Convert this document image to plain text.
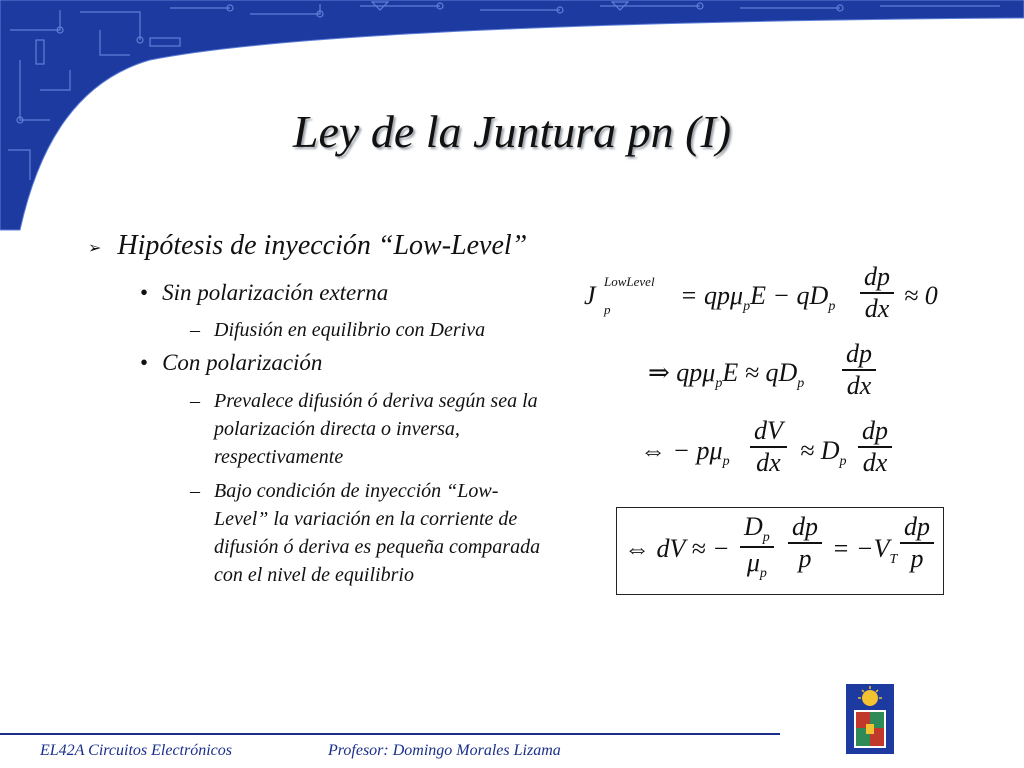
Ley de la Juntura pn (I)
➢ Hipótesis de inyección “Low-Level”
• Sin polarización externa
– Difusión en equilibrio con Deriva
• Con polarización
– Prevalece difusión ó deriva según sea la polarización directa o inversa, respectivamente
– Bajo condición de inyección “Low-Level” la variación en la corriente de difusión ó deriva es pequeña comparada con el nivel de equilibrio
J LowLevel
p	= $qp\mu_pE - qD_p \frac{dp}{dx} \approx 0$
⇒ $qp\mu_pE \approx qD_p \frac{dp}{dx}$
⇔ − $p\mu_p \frac{dV}{dx} \approx D_p \frac{dp}{dx}$
⇔ dV ≈ − $\frac{D_p}{\mu_p} \frac{dp}{p} = -V_T \frac{dp}{p}$
EL42A Circuitos Electrónicos	Profesor: Domingo Morales Lizama
